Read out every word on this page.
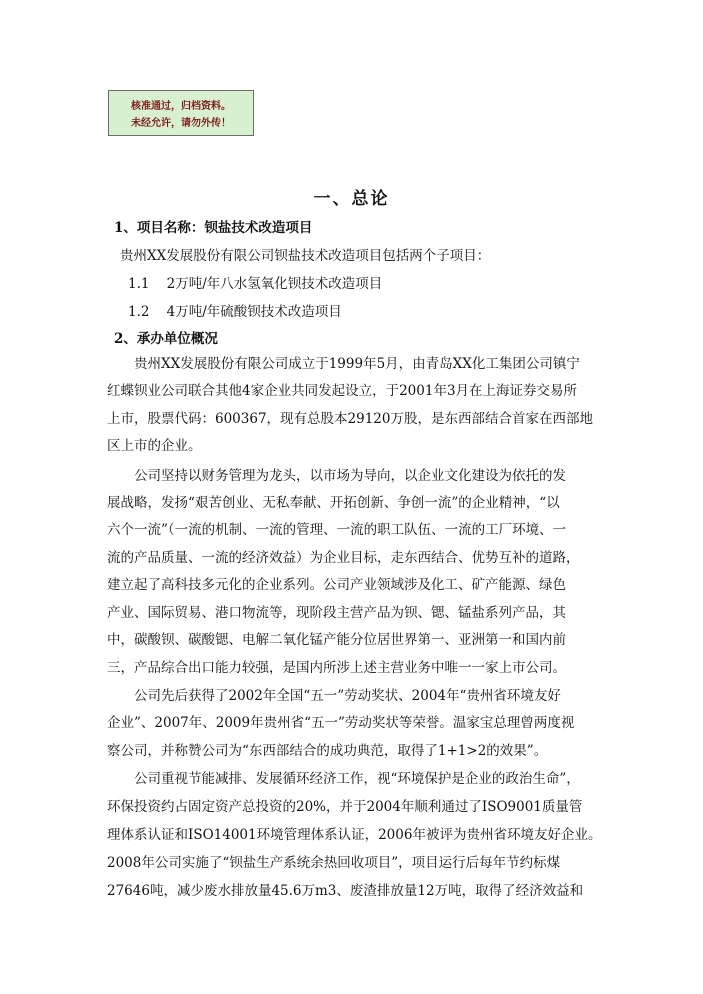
核准通过，归档资料。
未经允许，请勿外传！
一、总论
1、项目名称：钡盐技术改造项目
贵州XX发展股份有限公司钡盐技术改造项目包括两个子项目：
1.1    2万吨/年八水氢氧化钡技术改造项目
1.2    4万吨/年硫酸钡技术改造项目
2、承办单位概况
贵州XX发展股份有限公司成立于1999年5月，由青岛XX化工集团公司镇宁
红蝶钡业公司联合其他4家企业共同发起设立，于2001年3月在上海证券交易所
上市，股票代码：600367，现有总股本29120万股，是东西部结合首家在西部地
区上市的企业。
公司坚持以财务管理为龙头，以市场为导向，以企业文化建设为依托的发
展战略，发扬“艰苦创业、无私奉献、开拓创新、争创一流”的企业精神，“以
六个一流”（一流的机制、一流的管理、一流的职工队伍、一流的工厂环境、一
流的产品质量、一流的经济效益）为企业目标，走东西结合、优势互补的道路，
建立起了高科技多元化的企业系列。公司产业领域涉及化工、矿产能源、绿色
产业、国际贸易、港口物流等，现阶段主营产品为钡、锶、锰盐系列产品，其
中，碳酸钡、碳酸锶、电解二氧化锰产能分位居世界第一、亚洲第一和国内前
三，产品综合出口能力较强，是国内所涉上述主营业务中唯一一家上市公司。
公司先后获得了2002年全国“五一”劳动奖状、2004年“贵州省环境友好
企业”、2007年、2009年贵州省“五一”劳动奖状等荣誉。温家宝总理曾两度视
察公司，并称赞公司为“东西部结合的成功典范，取得了1+1>2的效果”。
公司重视节能减排、发展循环经济工作，视“环境保护是企业的政治生命”，
环保投资约占固定资产总投资的20%，并于2004年顺利通过了ISO9001质量管
理体系认证和ISO14001环境管理体系认证，2006年被评为贵州省环境友好企业。
2008年公司实施了“钡盐生产系统余热回收项目”，项目运行后每年节约标煤
27646吨，减少废水排放量45.6万m3、废渣排放量12万吨，取得了经济效益和
